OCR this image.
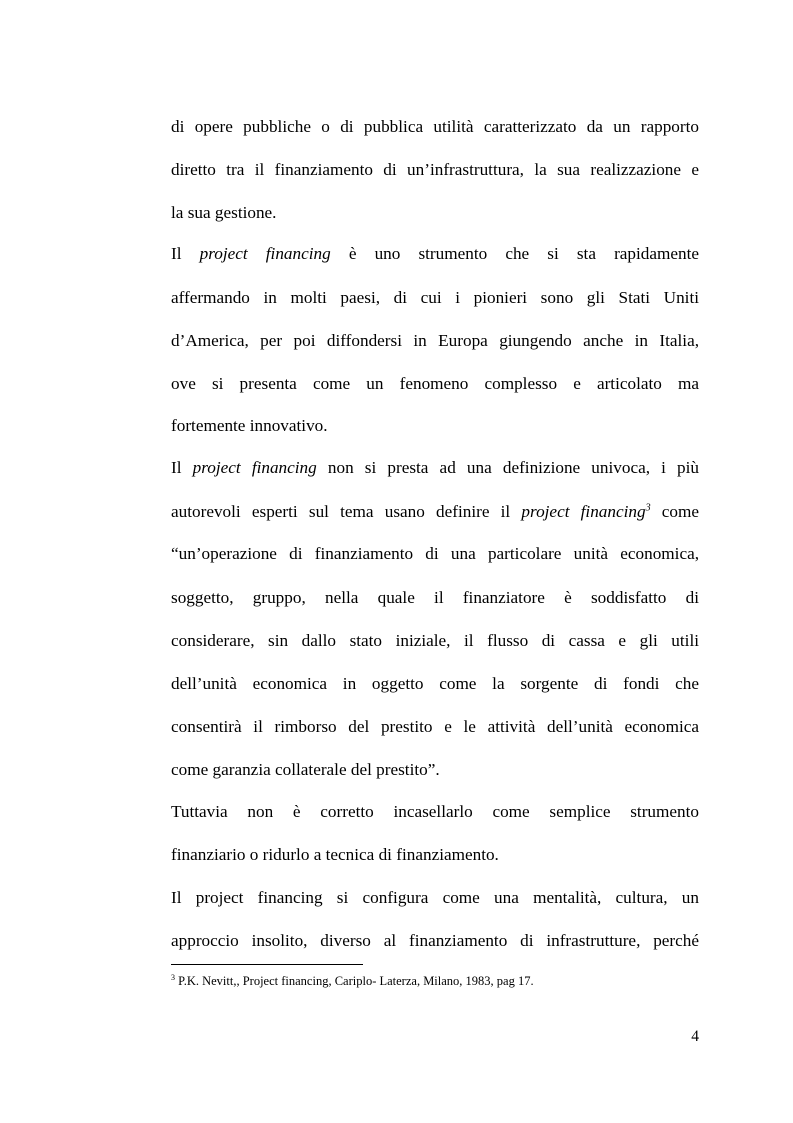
di opere pubbliche o di pubblica utilità caratterizzato da un rapporto
diretto tra il finanziamento di un’infrastruttura, la sua realizzazione e
la sua gestione.
Il project financing è uno strumento che si sta rapidamente
affermando in molti paesi, di cui i pionieri sono gli Stati Uniti
d’America, per poi diffondersi in Europa giungendo anche in Italia,
ove si presenta come un fenomeno complesso e articolato ma
fortemente innovativo.
Il project financing non si presta ad una definizione univoca, i più
autorevoli esperti sul tema usano definire il project financing$^3$ come
“un’operazione di finanziamento di una particolare unità economica,
soggetto, gruppo, nella quale il finanziatore è soddisfatto di
considerare, sin dallo stato iniziale, il flusso di cassa e gli utili
dell’unità economica in oggetto come la sorgente di fondi che
consentirà il rimborso del prestito e le attività dell’unità economica
come garanzia collaterale del prestito”.
Tuttavia non è corretto incasellarlo come semplice strumento
finanziario o ridurlo a tecnica di finanziamento.
Il project financing si configura come una mentalità, cultura, un
approccio insolito, diverso al finanziamento di infrastrutture, perché
$^3$ P.K. Nevitt,, Project financing, Cariplo- Laterza, Milano, 1983, pag 17.
4
